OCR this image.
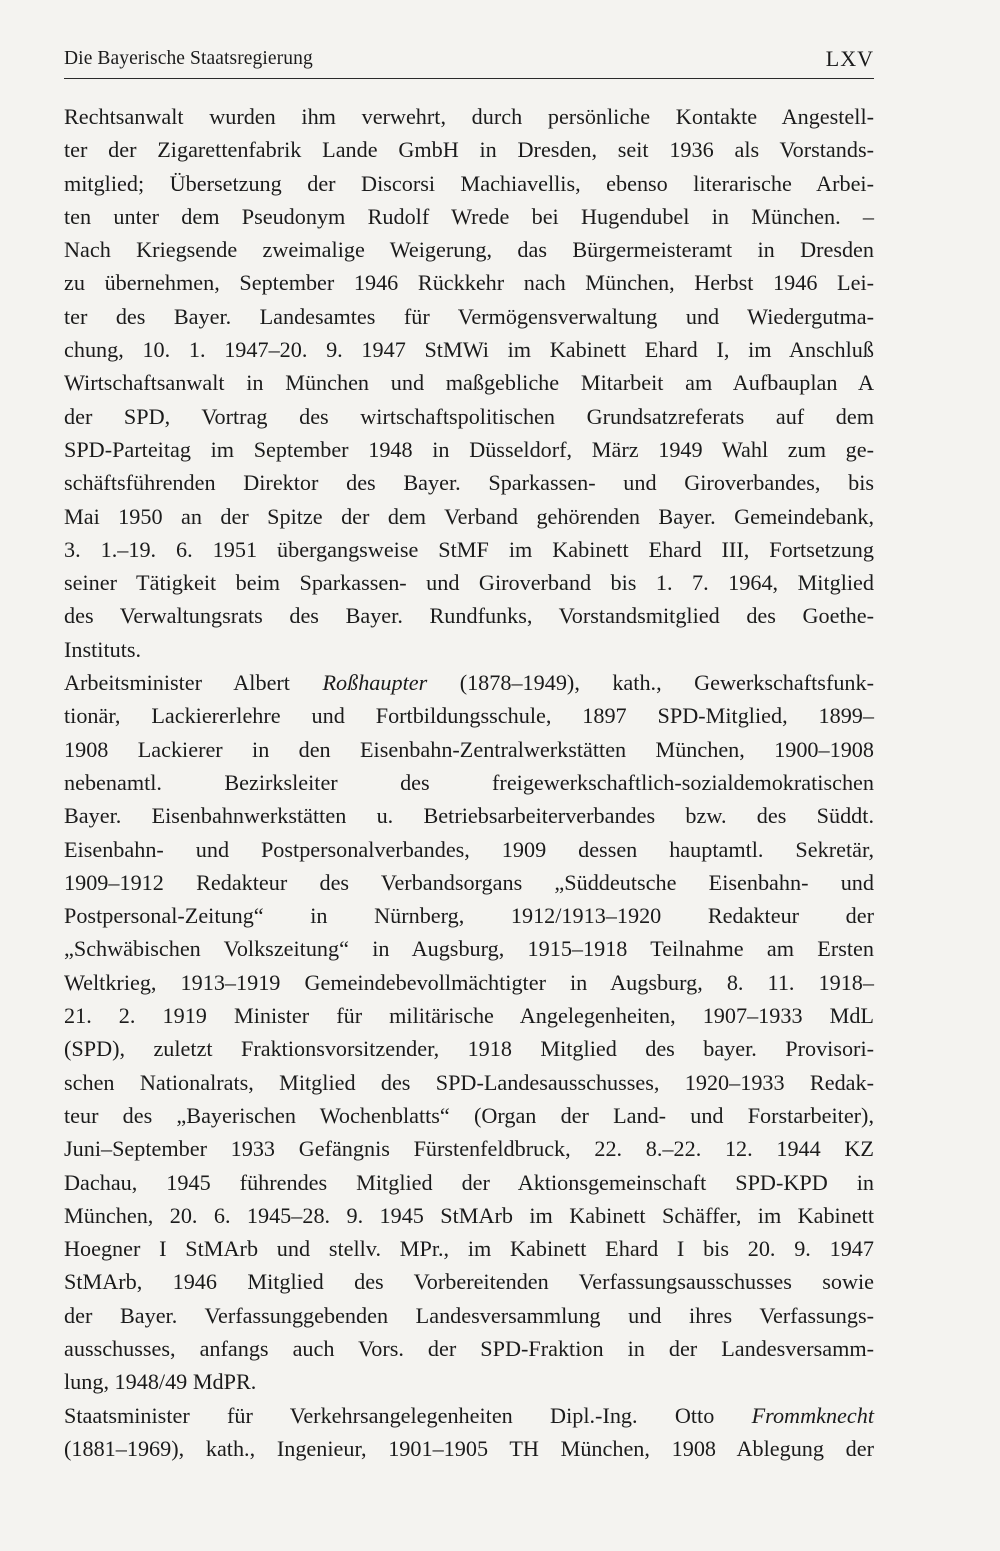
Die Bayerische Staatsregierung	LXV
Rechtsanwalt wurden ihm verwehrt, durch persönliche Kontakte Angestell-
ter der Zigarettenfabrik Lande GmbH in Dresden, seit 1936 als Vorstands-
mitglied; Übersetzung der Discorsi Machiavellis, ebenso literarische Arbei-
ten unter dem Pseudonym Rudolf Wrede bei Hugendubel in München. –
Nach Kriegsende zweimalige Weigerung, das Bürgermeisteramt in Dresden
zu übernehmen, September 1946 Rückkehr nach München, Herbst 1946 Lei-
ter des Bayer. Landesamtes für Vermögensverwaltung und Wiedergutma-
chung, 10. 1. 1947–20. 9. 1947 StMWi im Kabinett Ehard I, im Anschluß
Wirtschaftsanwalt in München und maßgebliche Mitarbeit am Aufbauplan A
der SPD, Vortrag des wirtschaftspolitischen Grundsatzreferats auf dem
SPD-Parteitag im September 1948 in Düsseldorf, März 1949 Wahl zum ge-
schäftsführenden Direktor des Bayer. Sparkassen- und Giroverbandes, bis
Mai 1950 an der Spitze der dem Verband gehörenden Bayer. Gemeindebank,
3. 1.–19. 6. 1951 übergangsweise StMF im Kabinett Ehard III, Fortsetzung
seiner Tätigkeit beim Sparkassen- und Giroverband bis 1. 7. 1964, Mitglied
des Verwaltungsrats des Bayer. Rundfunks, Vorstandsmitglied des Goethe-
Instituts.
Arbeitsminister Albert Roßhaupter (1878–1949), kath., Gewerkschaftsfunk-
tionär, Lackiererlehre und Fortbildungsschule, 1897 SPD-Mitglied, 1899–
1908 Lackierer in den Eisenbahn-Zentralwerkstätten München, 1900–1908
nebenamtl. Bezirksleiter des freigewerkschaftlich-sozialdemokratischen
Bayer. Eisenbahnwerkstätten u. Betriebsarbeiterverbandes bzw. des Süddt.
Eisenbahn- und Postpersonalverbandes, 1909 dessen hauptamtl. Sekretär,
1909–1912 Redakteur des Verbandsorgans „Süddeutsche Eisenbahn- und
Postpersonal-Zeitung“ in Nürnberg, 1912/1913–1920 Redakteur der
„Schwäbischen Volkszeitung“ in Augsburg, 1915–1918 Teilnahme am Ersten
Weltkrieg, 1913–1919 Gemeindebevollmächtigter in Augsburg, 8. 11. 1918–
21. 2. 1919 Minister für militärische Angelegenheiten, 1907–1933 MdL
(SPD), zuletzt Fraktionsvorsitzender, 1918 Mitglied des bayer. Provisori-
schen Nationalrats, Mitglied des SPD-Landesausschusses, 1920–1933 Redak-
teur des „Bayerischen Wochenblatts“ (Organ der Land- und Forstarbeiter),
Juni–September 1933 Gefängnis Fürstenfeldbruck, 22. 8.–22. 12. 1944 KZ
Dachau, 1945 führendes Mitglied der Aktionsgemeinschaft SPD-KPD in
München, 20. 6. 1945–28. 9. 1945 StMArb im Kabinett Schäffer, im Kabinett
Hoegner I StMArb und stellv. MPr., im Kabinett Ehard I bis 20. 9. 1947
StMArb, 1946 Mitglied des Vorbereitenden Verfassungsausschusses sowie
der Bayer. Verfassunggebenden Landesversammlung und ihres Verfassungs-
ausschusses, anfangs auch Vors. der SPD-Fraktion in der Landesversamm-
lung, 1948/49 MdPR.
Staatsminister für Verkehrsangelegenheiten Dipl.-Ing. Otto Frommknecht
(1881–1969), kath., Ingenieur, 1901–1905 TH München, 1908 Ablegung der
